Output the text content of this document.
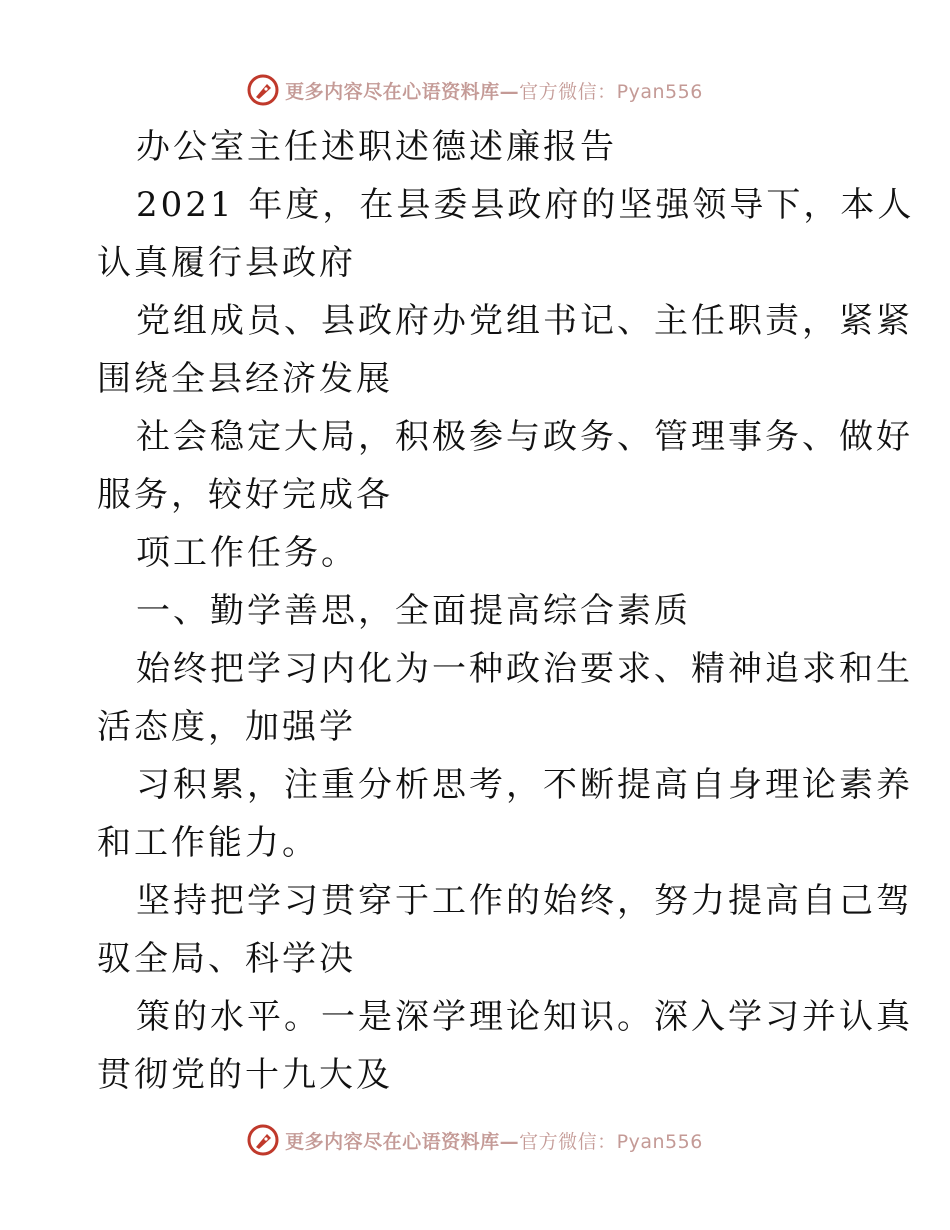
更多内容尽在心语资料库— 官方微信：Pyan556
办公室主任述职述德述廉报告
2021 年度，在县委县政府的坚强领导下，本人
认真履行县政府
党组成员、县政府办党组书记、主任职责，紧紧
围绕全县经济发展
社会稳定大局，积极参与政务、管理事务、做好
服务，较好完成各
项工作任务。
一、勤学善思，全面提高综合素质
始终把学习内化为一种政治要求、精神追求和生
活态度，加强学
习积累，注重分析思考，不断提高自身理论素养
和工作能力。
坚持把学习贯穿于工作的始终，努力提高自己驾
驭全局、科学决
策的水平。一是深学理论知识。深入学习并认真
贯彻党的十九大及
更多内容尽在心语资料库— 官方微信：Pyan556
